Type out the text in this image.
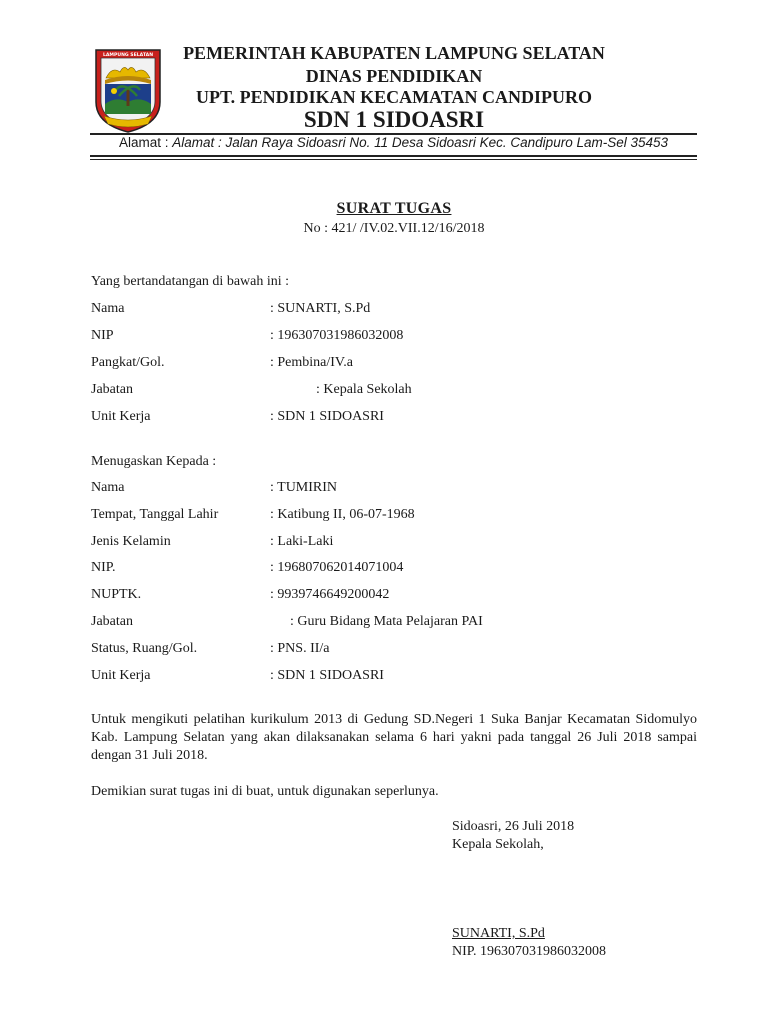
LAMPUNG SELATAN	PEMERINTAH KABUPATEN LAMPUNG SELATAN
DINAS PENDIDIKAN
UPT. PENDIDIKAN KECAMATAN CANDIPURO
SDN 1 SIDOASRI
Alamat : Alamat : Jalan Raya Sidoasri No. 11 Desa Sidoasri Kec. Candipuro Lam-Sel 35453
SURAT TUGAS
No : 421/ /IV.02.VII.12/16/2018
Yang bertandatangan di bawah ini :
Nama	: SUNARTI, S.Pd
NIP	: 196307031986032008
Pangkat/Gol.	: Pembina/IV.a
Jabatan	: Kepala Sekolah
Unit Kerja	: SDN 1 SIDOASRI
Menugaskan Kepada :
Nama	: TUMIRIN
Tempat, Tanggal Lahir	: Katibung II, 06-07-1968
Jenis Kelamin	: Laki-Laki
NIP.	: 196807062014071004
NUPTK.	: 9939746649200042
Jabatan	: Guru Bidang Mata Pelajaran PAI
Status, Ruang/Gol.	: PNS. II/a
Unit Kerja	: SDN 1 SIDOASRI
Untuk mengikuti pelatihan kurikulum 2013 di Gedung SD.Negeri 1 Suka Banjar Kecamatan Sidomulyo Kab. Lampung Selatan yang akan dilaksanakan selama 6 hari yakni pada tanggal 26 Juli 2018 sampai dengan 31 Juli 2018.
Demikian surat tugas ini di buat, untuk digunakan seperlunya.
Sidoasri, 26 Juli 2018
Kepala Sekolah,
SUNARTI, S.Pd
NIP. 196307031986032008
